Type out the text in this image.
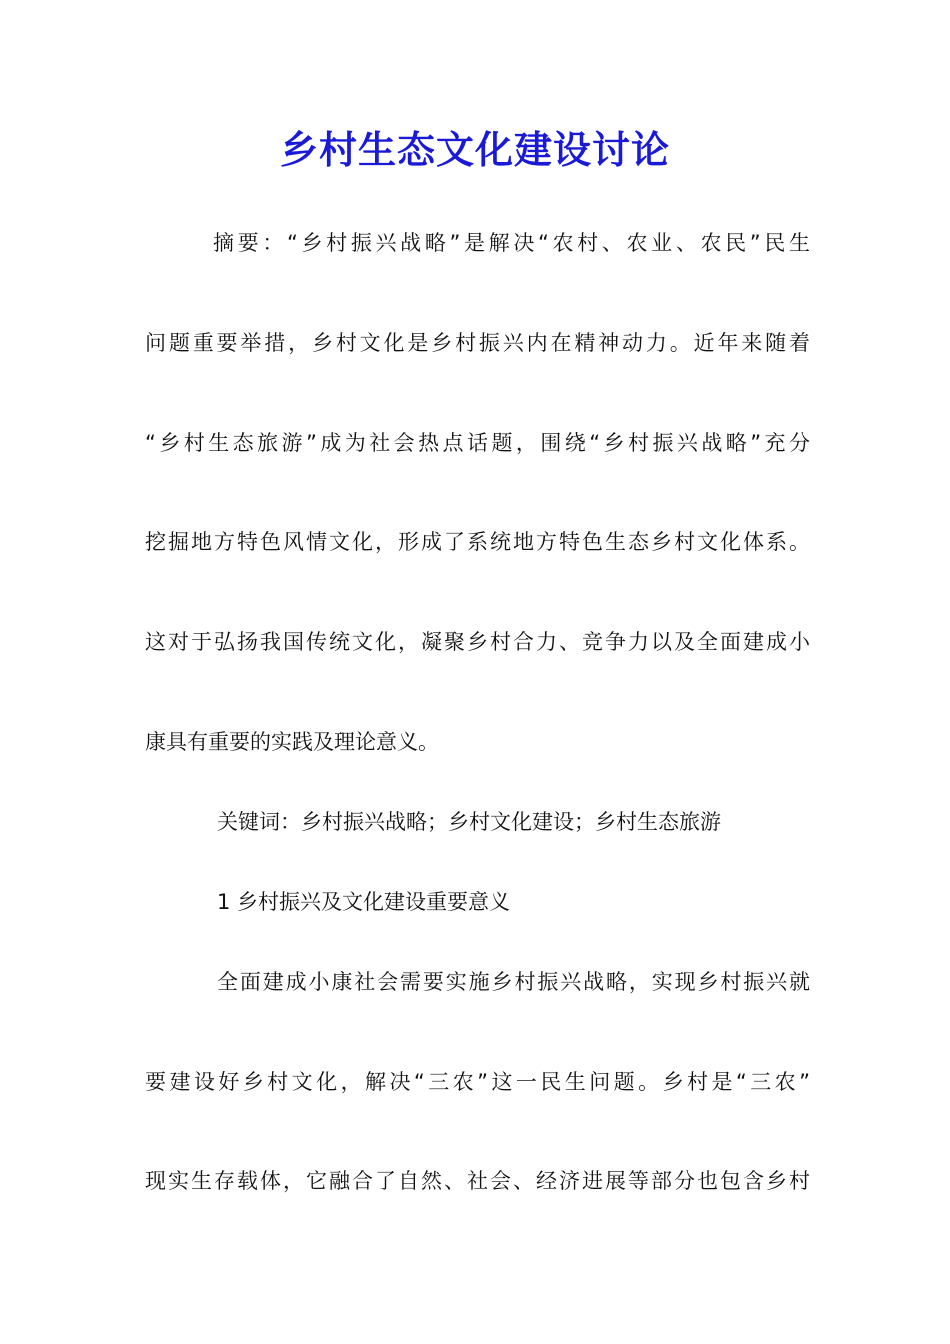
乡村生态文化建设讨论
摘要：“乡村振兴战略”是解决“农村、农业、农民”民生
问题重要举措，乡村文化是乡村振兴内在精神动力。近年来随着
“乡村生态旅游”成为社会热点话题，围绕“乡村振兴战略”充分
挖掘地方特色风情文化，形成了系统地方特色生态乡村文化体系。
这对于弘扬我国传统文化，凝聚乡村合力、竞争力以及全面建成小
康具有重要的实践及理论意义。
关键词：乡村振兴战略；乡村文化建设；乡村生态旅游
1 乡村振兴及文化建设重要意义
全面建成小康社会需要实施乡村振兴战略，实现乡村振兴就
要建设好乡村文化，解决“三农”这一民生问题。乡村是“三农”
现实生存载体，它融合了自然、社会、经济进展等部分也包含乡村
